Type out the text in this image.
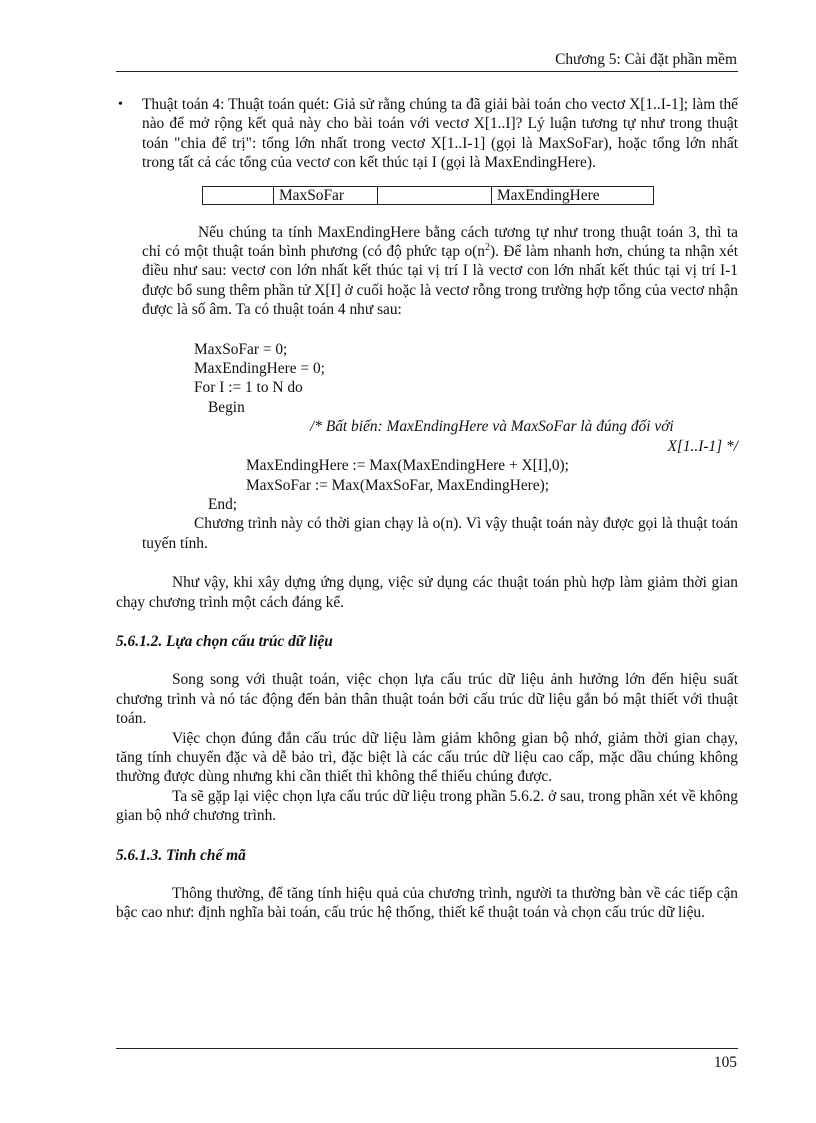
Chương 5: Cài đặt phần mềm
• Thuật toán 4: Thuật toán quét: Giả sử rằng chúng ta đã giải bài toán cho vectơ X[1..I-1]; làm thế nào để mở rộng kết quả này cho bài toán với vectơ X[1..I]? Lý luận tương tự như trong thuật toán "chia để trị": tổng lớn nhất trong vectơ X[1..I-1] (gọi là MaxSoFar), hoặc tổng lớn nhất trong tất cả các tổng của vectơ con kết thúc tại I (gọi là MaxEndingHere).
	MaxSoFar		MaxEndingHere

Nếu chúng ta tính MaxEndingHere bằng cách tương tự như trong thuật toán 3, thì ta chỉ có một thuật toán bình phương (có độ phức tạp $o(n^2)$. Để làm nhanh hơn, chúng ta nhận xét điều như sau: vectơ con lớn nhất kết thúc tại vị trí I là vectơ con lớn nhất kết thúc tại vị trí I-1 được bổ sung thêm phần tử X[I] ở cuối hoặc là vectơ rỗng trong trường hợp tổng của vectơ nhận được là số âm. Ta có thuật toán 4 như sau:

MaxSoFar = 0;
MaxEndingHere = 0;
For I := 1 to N do
Begin
/* Bất biến: MaxEndingHere và MaxSoFar là đúng đối với
X[1..I-1] */
MaxEndingHere := Max(MaxEndingHere + X[I],0);
MaxSoFar := Max(MaxSoFar, MaxEndingHere);
End;

Chương trình này có thời gian chạy là o(n). Vì vậy thuật toán này được gọi là thuật toán tuyến tính.

Như vậy, khi xây dựng ứng dụng, việc sử dụng các thuật toán phù hợp làm giảm thời gian chạy chương trình một cách đáng kể.

5.6.1.2. Lựa chọn cấu trúc dữ liệu

Song song với thuật toán, việc chọn lựa cấu trúc dữ liệu ảnh hưởng lớn đến hiệu suất chương trình và nó tác động đến bản thân thuật toán bởi cấu trúc dữ liệu gắn bó mật thiết với thuật toán.

Việc chọn đúng đắn cấu trúc dữ liệu làm giảm không gian bộ nhớ, giảm thời gian chạy, tăng tính chuyển đặc và dễ bảo trì, đặc biệt là các cấu trúc dữ liệu cao cấp, mặc dầu chúng không thường được dùng nhưng khi cần thiết thì không thể thiếu chúng được.

Ta sẽ gặp lại việc chọn lựa cấu trúc dữ liệu trong phần 5.6.2. ở sau, trong phần xét về không gian bộ nhớ chương trình.

5.6.1.3. Tinh chế mã

Thông thường, để tăng tính hiệu quả của chương trình, người ta thường bàn về các tiếp cận bậc cao như: định nghĩa bài toán, cấu trúc hệ thống, thiết kế thuật toán và chọn cấu trúc dữ liệu.

105
